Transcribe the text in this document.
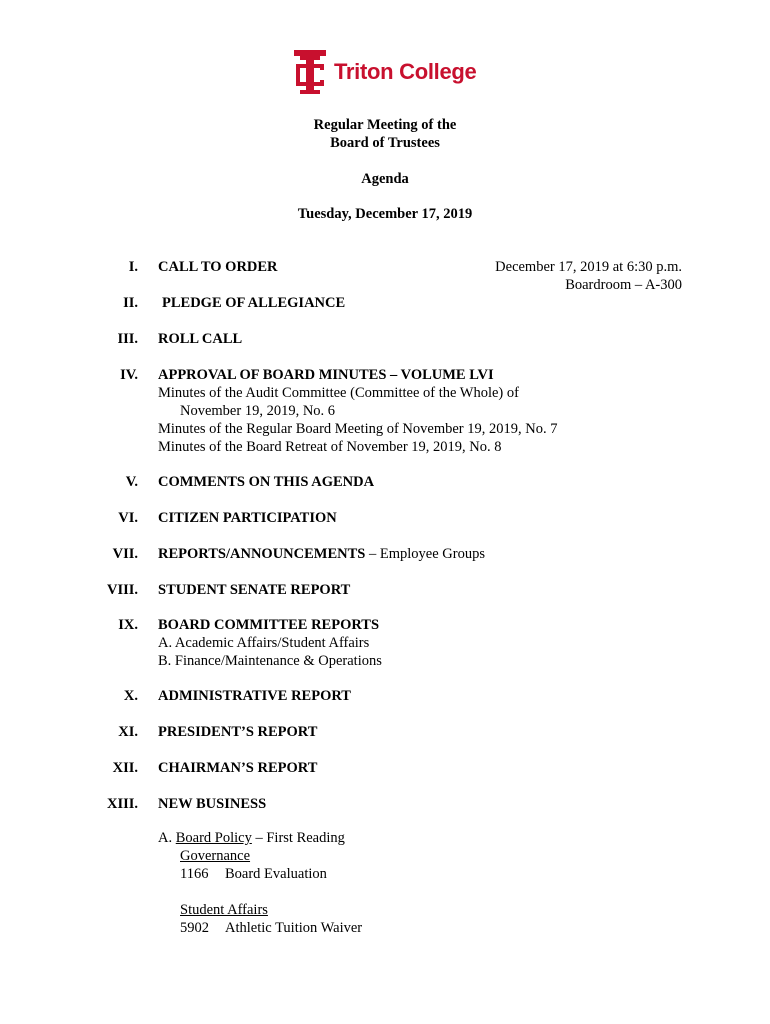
Triton College
Regular Meeting of the
Board of Trustees
Agenda
Tuesday, December 17, 2019
December 17, 2019 at 6:30 p.m.
Boardroom – A-300
I. CALL TO ORDER
II. PLEDGE OF ALLEGIANCE
III. ROLL CALL
IV. APPROVAL OF BOARD MINUTES – VOLUME LVI
Minutes of the Audit Committee (Committee of the Whole) of
November 19, 2019, No. 6
Minutes of the Regular Board Meeting of November 19, 2019, No. 7
Minutes of the Board Retreat of November 19, 2019, No. 8
V. COMMENTS ON THIS AGENDA
VI. CITIZEN PARTICIPATION
VII. REPORTS/ANNOUNCEMENTS – Employee Groups
VIII. STUDENT SENATE REPORT
IX. BOARD COMMITTEE REPORTS
A. Academic Affairs/Student Affairs
B. Finance/Maintenance & Operations
X. ADMINISTRATIVE REPORT
XI. PRESIDENT’S REPORT
XII. CHAIRMAN’S REPORT
XIII. NEW BUSINESS
A. Board Policy – First Reading
Governance
1166 Board Evaluation
Student Affairs
5902 Athletic Tuition Waiver
